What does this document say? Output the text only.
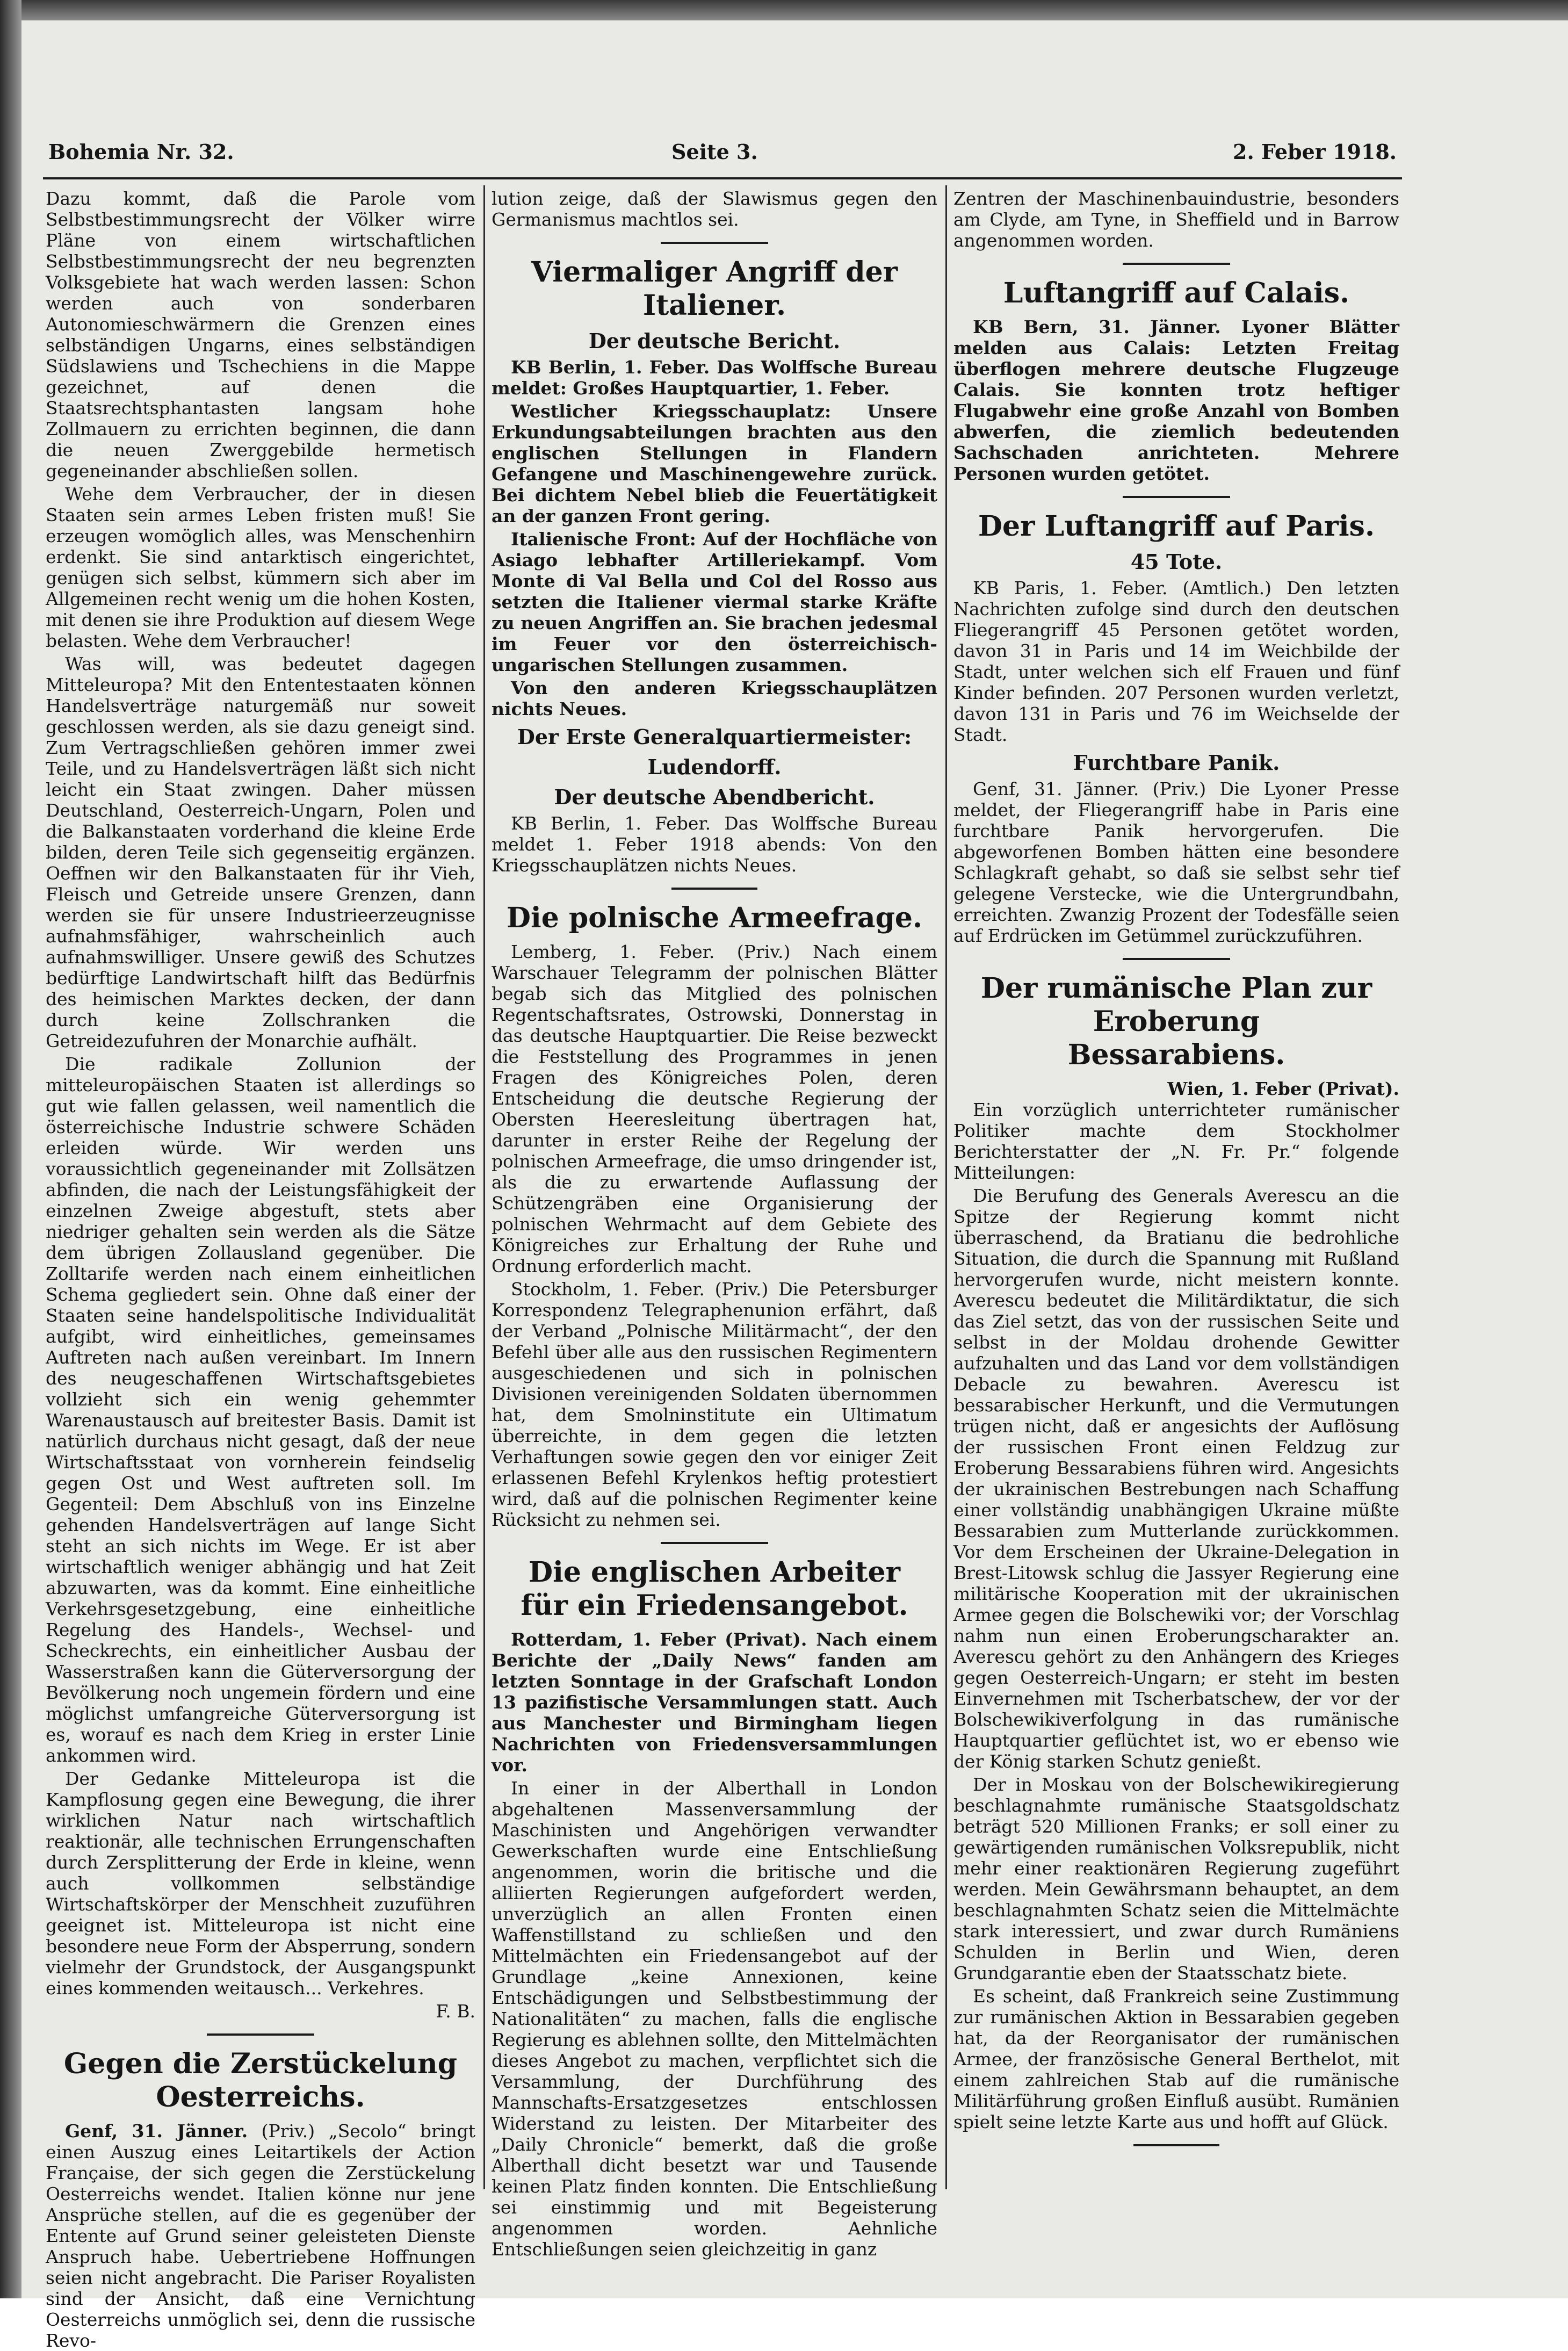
Bohemia Nr. 32.	Seite 3.	2. Feber 1918.

Dazu kommt, daß die Parole vom Selbstbestimmungsrecht der Völker wirre Pläne von einem wirtschaftlichen Selbstbestimmungsrecht der neu begrenzten Volksgebiete hat wach werden lassen: Schon werden auch von sonderbaren Autonomieschwärmern die Grenzen eines selbständigen Ungarns, eines selbständigen Südslawiens und Tschechiens in die Mappe gezeichnet, auf denen die Staatsrechtsphantasten langsam hohe Zollmauern zu errichten beginnen, die dann die neuen Zwerggebilde hermetisch gegeneinander abschließen sollen.

Wehe dem Verbraucher, der in diesen Staaten sein armes Leben fristen muß! Sie erzeugen womöglich alles, was Menschenhirn erdenkt. Sie sind antarktisch eingerichtet, genügen sich selbst, kümmern sich aber im Allgemeinen recht wenig um die hohen Kosten, mit denen sie ihre Produktion auf diesem Wege belasten. Wehe dem Verbraucher!

Was will, was bedeutet dagegen Mitteleuropa? Mit den Ententestaaten können Handelsverträge naturgemäß nur soweit geschlossen werden, als sie dazu geneigt sind. Zum Vertragschließen gehören immer zwei Teile, und zu Handelsverträgen läßt sich nicht leicht ein Staat zwingen. Daher müssen Deutschland, Oesterreich-Ungarn, Polen und die Balkanstaaten vorderhand die kleine Erde bilden, deren Teile sich gegenseitig ergänzen. Oeffnen wir den Balkanstaaten für ihr Vieh, Fleisch und Getreide unsere Grenzen, dann werden sie für unsere Industrieerzeugnisse aufnahmsfähiger, wahrscheinlich auch aufnahmswilliger. Unsere gewiß des Schutzes bedürftige Landwirtschaft hilft das Bedürfnis des heimischen Marktes decken, der dann durch keine Zollschranken die Getreidezufuhren der Monarchie aufhält.

Die radikale Zollunion der mitteleuropäischen Staaten ist allerdings so gut wie fallen gelassen, weil namentlich die österreichische Industrie schwere Schäden erleiden würde. Wir werden uns voraussichtlich gegeneinander mit Zollsätzen abfinden, die nach der Leistungsfähigkeit der einzelnen Zweige abgestuft, stets aber niedriger gehalten sein werden als die Sätze dem übrigen Zollausland gegenüber. Die Zolltarife werden nach einem einheitlichen Schema gegliedert sein. Ohne daß einer der Staaten seine handelspolitische Individualität aufgibt, wird einheitliches, gemeinsames Auftreten nach außen vereinbart. Im Innern des neugeschaffenen Wirtschaftsgebietes vollzieht sich ein wenig gehemmter Warenaustausch auf breitester Basis. Damit ist natürlich durchaus nicht gesagt, daß der neue Wirtschaftsstaat von vornherein feindselig gegen Ost und West auftreten soll. Im Gegenteil: Dem Abschluß von ins Einzelne gehenden Handelsverträgen auf lange Sicht steht an sich nichts im Wege. Er ist aber wirtschaftlich weniger abhängig und hat Zeit abzuwarten, was da kommt. Eine einheitliche Verkehrsgesetzgebung, eine einheitliche Regelung des Handels-, Wechsel- und Scheckrechts, ein einheitlicher Ausbau der Wasserstraßen kann die Güterversorgung der Bevölkerung noch ungemein fördern und eine möglichst umfangreiche Güterversorgung ist es, worauf es nach dem Krieg in erster Linie ankommen wird.

Der Gedanke Mitteleuropa ist die Kampflosung gegen eine Bewegung, die ihrer wirklichen Natur nach wirtschaftlich reaktionär, alle technischen Errungenschaften durch Zersplitterung der Erde in kleine, wenn auch vollkommen selbständige Wirtschaftskörper der Menschheit zuzuführen geeignet ist. Mitteleuropa ist nicht eine besondere neue Form der Absperrung, sondern vielmehr der Grundstock, der Ausgangspunkt eines kommenden weitausch... Verkehres.

F. B.
Gegen die Zerstückelung Oesterreichs.

Genf, 31. Jänner. (Priv.) „Secolo“ bringt einen Auszug eines Leitartikels der Action Française, der sich gegen die Zerstückelung Oesterreichs wendet. Italien könne nur jene Ansprüche stellen, auf die es gegenüber der Entente auf Grund seiner geleisteten Dienste Anspruch habe. Uebertriebene Hoffnungen seien nicht angebracht. Die Pariser Royalisten sind der Ansicht, daß eine Vernichtung Oesterreichs unmöglich sei, denn die russische Revo-

lution zeige, daß der Slawismus gegen den Germanismus machtlos sei.

Viermaliger Angriff der Italiener.
Der deutsche Bericht.

KB Berlin, 1. Feber. Das Wolffsche Bureau meldet: Großes Hauptquartier, 1. Feber.

Westlicher Kriegsschauplatz: Unsere Erkundungsabteilungen brachten aus den englischen Stellungen in Flandern Gefangene und Maschinengewehre zurück. Bei dichtem Nebel blieb die Feuertätigkeit an der ganzen Front gering.

Italienische Front: Auf der Hochfläche von Asiago lebhafter Artilleriekampf. Vom Monte di Val Bella und Col del Rosso aus setzten die Italiener viermal starke Kräfte zu neuen Angriffen an. Sie brachen jedesmal im Feuer vor den österreichisch-ungarischen Stellungen zusammen.

Von den anderen Kriegsschauplätzen nichts Neues.

Der Erste Generalquartiermeister:
Ludendorff.
Der deutsche Abendbericht.

KB Berlin, 1. Feber. Das Wolffsche Bureau meldet 1. Feber 1918 abends: Von den Kriegsschauplätzen nichts Neues.

Die polnische Armeefrage.

Lemberg, 1. Feber. (Priv.) Nach einem Warschauer Telegramm der polnischen Blätter begab sich das Mitglied des polnischen Regentschaftsrates, Ostrowski, Donnerstag in das deutsche Hauptquartier. Die Reise bezweckt die Feststellung des Programmes in jenen Fragen des Königreiches Polen, deren Entscheidung die deutsche Regierung der Obersten Heeresleitung übertragen hat, darunter in erster Reihe der Regelung der polnischen Armeefrage, die umso dringender ist, als die zu erwartende Auflassung der Schützengräben eine Organisierung der polnischen Wehrmacht auf dem Gebiete des Königreiches zur Erhaltung der Ruhe und Ordnung erforderlich macht.

Stockholm, 1. Feber. (Priv.) Die Petersburger Korrespondenz Telegraphenunion erfährt, daß der Verband „Polnische Militärmacht“, der den Befehl über alle aus den russischen Regimentern ausgeschiedenen und sich in polnischen Divisionen vereinigenden Soldaten übernommen hat, dem Smolninstitute ein Ultimatum überreichte, in dem gegen die letzten Verhaftungen sowie gegen den vor einiger Zeit erlassenen Befehl Krylenkos heftig protestiert wird, daß auf die polnischen Regimenter keine Rücksicht zu nehmen sei.

Die englischen Arbeiter
für ein Friedensangebot.

Rotterdam, 1. Feber (Privat). Nach einem Berichte der „Daily News“ fanden am letzten Sonntage in der Grafschaft London 13 pazifistische Versammlungen statt. Auch aus Manchester und Birmingham liegen Nachrichten von Friedensversammlungen vor.

In einer in der Alberthall in London abgehaltenen Massenversammlung der Maschinisten und Angehörigen verwandter Gewerkschaften wurde eine Entschließung angenommen, worin die britische und die alliierten Regierungen aufgefordert werden, unverzüglich an allen Fronten einen Waffenstillstand zu schließen und den Mittelmächten ein Friedensangebot auf der Grundlage „keine Annexionen, keine Entschädigungen und Selbstbestimmung der Nationalitäten“ zu machen, falls die englische Regierung es ablehnen sollte, den Mittelmächten dieses Angebot zu machen, verpflichtet sich die Versammlung, der Durchführung des Mannschafts-Ersatzgesetzes entschlossen Widerstand zu leisten. Der Mitarbeiter des „Daily Chronicle“ bemerkt, daß die große Alberthall dicht besetzt war und Tausende keinen Platz finden konnten. Die Entschließung sei einstimmig und mit Begeisterung angenommen worden. Aehnliche Entschließungen seien gleichzeitig in ganz

Zentren der Maschinenbauindustrie, besonders am Clyde, am Tyne, in Sheffield und in Barrow angenommen worden.

Luftangriff auf Calais.

KB Bern, 31. Jänner. Lyoner Blätter melden aus Calais: Letzten Freitag überflogen mehrere deutsche Flugzeuge Calais. Sie konnten trotz heftiger Flugabwehr eine große Anzahl von Bomben abwerfen, die ziemlich bedeutenden Sachschaden anrichteten. Mehrere Personen wurden getötet.

Der Luftangriff auf Paris.
45 Tote.

KB Paris, 1. Feber. (Amtlich.) Den letzten Nachrichten zufolge sind durch den deutschen Fliegerangriff 45 Personen getötet worden, davon 31 in Paris und 14 im Weichbilde der Stadt, unter welchen sich elf Frauen und fünf Kinder befinden. 207 Personen wurden verletzt, davon 131 in Paris und 76 im Weichselde der Stadt.

Furchtbare Panik.

Genf, 31. Jänner. (Priv.) Die Lyoner Presse meldet, der Fliegerangriff habe in Paris eine furchtbare Panik hervorgerufen. Die abgeworfenen Bomben hätten eine besondere Schlagkraft gehabt, so daß sie selbst sehr tief gelegene Verstecke, wie die Untergrundbahn, erreichten. Zwanzig Prozent der Todesfälle seien auf Erdrücken im Getümmel zurückzuführen.

Der rumänische Plan zur Eroberung
Bessarabiens.
Wien, 1. Feber (Privat).

Ein vorzüglich unterrichteter rumänischer Politiker machte dem Stockholmer Berichterstatter der „N. Fr. Pr.“ folgende Mitteilungen:

Die Berufung des Generals Averescu an die Spitze der Regierung kommt nicht überraschend, da Bratianu die bedrohliche Situation, die durch die Spannung mit Rußland hervorgerufen wurde, nicht meistern konnte. Averescu bedeutet die Militärdiktatur, die sich das Ziel setzt, das von der russischen Seite und selbst in der Moldau drohende Gewitter aufzuhalten und das Land vor dem vollständigen Debacle zu bewahren. Averescu ist bessarabischer Herkunft, und die Vermutungen trügen nicht, daß er angesichts der Auflösung der russischen Front einen Feldzug zur Eroberung Bessarabiens führen wird. Angesichts der ukrainischen Bestrebungen nach Schaffung einer vollständig unabhängigen Ukraine müßte Bessarabien zum Mutterlande zurückkommen. Vor dem Erscheinen der Ukraine-Delegation in Brest-Litowsk schlug die Jassyer Regierung eine militärische Kooperation mit der ukrainischen Armee gegen die Bolschewiki vor; der Vorschlag nahm nun einen Eroberungscharakter an. Averescu gehört zu den Anhängern des Krieges gegen Oesterreich-Ungarn; er steht im besten Einvernehmen mit Tscherbatschew, der vor der Bolschewikiverfolgung in das rumänische Hauptquartier geflüchtet ist, wo er ebenso wie der König starken Schutz genießt.

Der in Moskau von der Bolschewikiregierung beschlagnahmte rumänische Staatsgoldschatz beträgt 520 Millionen Franks; er soll einer zu gewärtigenden rumänischen Volksrepublik, nicht mehr einer reaktionären Regierung zugeführt werden. Mein Gewährsmann behauptet, an dem beschlagnahmten Schatz seien die Mittelmächte stark interessiert, und zwar durch Rumäniens Schulden in Berlin und Wien, deren Grundgarantie eben der Staatsschatz biete.

Es scheint, daß Frankreich seine Zustimmung zur rumänischen Aktion in Bessarabien gegeben hat, da der Reorganisator der rumänischen Armee, der französische General Berthelot, mit einem zahlreichen Stab auf die rumänische Militärführung großen Einfluß ausübt. Rumänien spielt seine letzte Karte aus und hofft auf Glück.
